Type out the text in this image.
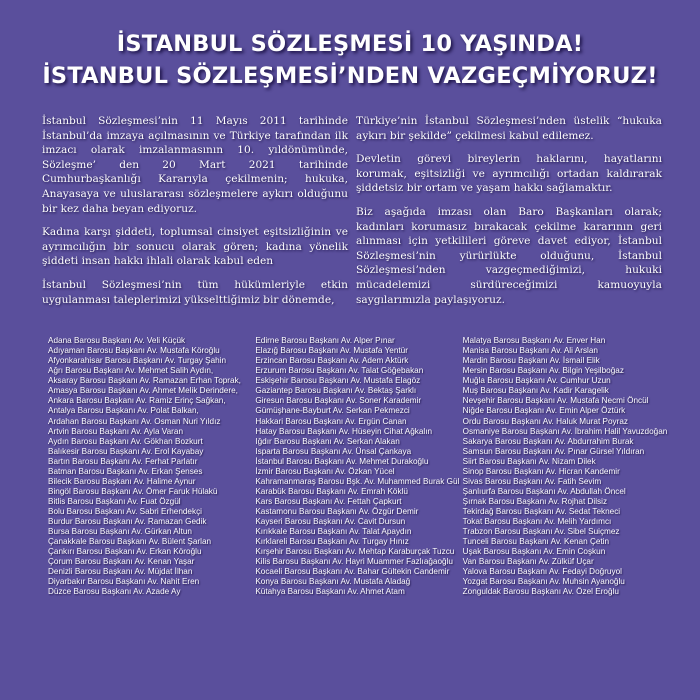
İSTANBUL SÖZLEŞMESİ 10 YAŞINDA!
İSTANBUL SÖZLEŞMESİ’NDEN VAZGEÇMİYORUZ!

İstanbul Sözleşmesi’nin 11 Mayıs 2011 tarihinde İstanbul’da imzaya açılmasının ve Türkiye tarafından ilk imzacı olarak imzalanmasının 10. yıldönümünde, Sözleşme’ den 20 Mart 2021 tarihinde Cumhurbaşkanlığı Kararıyla çekilmenin; hukuka, Anayasaya ve uluslararası sözleşmelere aykırı olduğunu bir kez daha beyan ediyoruz.

Kadına karşı şiddeti, toplumsal cinsiyet eşitsizliğinin ve ayrımcılığın bir sonucu olarak gören; kadına yönelik şiddeti insan hakkı ihlali olarak kabul eden

İstanbul Sözleşmesi’nin tüm hükümleriyle etkin uygulanması taleplerimizi yükselttiğimiz bir dönemde,

Türkiye’nin İstanbul Sözleşmesi’nden üstelik “hukuka aykırı bir şekilde” çekilmesi kabul edilemez.

Devletin görevi bireylerin haklarını, hayatlarını korumak, eşitsizliği ve ayrımcılığı ortadan kaldırarak şiddetsiz bir ortam ve yaşam hakkı sağlamaktır.

Biz aşağıda imzası olan Baro Başkanları olarak; kadınları korumasız bırakacak çekilme kararının geri alınması için yetkilileri göreve davet ediyor, İstanbul Sözleşmesi’nin yürürlükte olduğunu, İstanbul Sözleşmesi’nden vazgeçmediğimizi, hukuki mücadelemizi sürdüreceğimizi kamuoyuyla saygılarımızla paylaşıyoruz.

Adana Barosu Başkanı Av. Veli Küçük
Adıyaman Barosu Başkanı Av. Mustafa Köroğlu
Afyonkarahisar Barosu Başkanı Av. Turgay Şahin
Ağrı Barosu Başkanı Av. Mehmet Salih Aydın,
Aksaray Barosu Başkanı Av. Ramazan Erhan Toprak,
Amasya Barosu Başkanı Av. Ahmet Melik Derindere,
Ankara Barosu Başkanı Av. Ramiz Erinç Sağkan,
Antalya Barosu Başkanı Av. Polat Balkan,
Ardahan Barosu Başkanı Av. Osman Nuri Yıldız
Artvin Barosu Başkanı Av. Ayla Varan
Aydın Barosu Başkanı Av. Gökhan Bozkurt
Balıkesir Barosu Başkanı Av. Erol Kayabay
Bartın Barosu Başkanı Av. Ferhat Parlatır
Batman Barosu Başkanı Av. Erkan Şenses
Bilecik Barosu Başkanı Av. Halime Aynur
Bingöl Barosu Başkanı Av. Ömer Faruk Hülakü
Bitlis Barosu Başkanı Av. Fuat Özgül
Bolu Barosu Başkanı Av. Sabri Erhendekçi
Burdur Barosu Başkanı Av. Ramazan Gedik
Bursa Barosu Başkanı Av. Gürkan Altun
Çanakkale Barosu Başkanı Av. Bülent Şarlan
Çankırı Barosu Başkanı Av. Erkan Köroğlu
Çorum Barosu Başkanı Av. Kenan Yaşar
Denizli Barosu Başkanı Av. Müjdat İlhan
Diyarbakır Barosu Başkanı Av. Nahit Eren
Düzce Barosu Başkanı Av. Azade Ay
Edirne Barosu Başkanı Av. Alper Pınar
Elazığ Barosu Başkanı Av. Mustafa Yentür
Erzincan Barosu Başkanı Av. Adem Aktürk
Erzurum Barosu Başkanı Av. Talat Göğebakan
Eskişehir Barosu Başkanı Av. Mustafa Elagöz
Gaziantep Barosu Başkanı Av. Bektaş Şarklı
Giresun Barosu Başkanı Av. Soner Karademir
Gümüşhane-Bayburt Av. Serkan Pekmezci
Hakkari Barosu Başkanı Av. Ergün Canan
Hatay Barosu Başkanı Av. Hüseyin Cihat Ağkalın
Iğdır Barosu Başkanı Av. Serkan Alakan
Isparta Barosu Başkanı Av. Ünsal Çankaya
İstanbul Barosu Başkanı Av. Mehmet Durakoğlu
İzmir Barosu Başkanı Av. Özkan Yücel
Kahramanmaraş Barosu Bşk. Av. Muhammed Burak Gül
Karabük Barosu Başkanı Av. Emrah Köklü
Kars Barosu Başkanı Av. Fettah Çapkurt
Kastamonu Barosu Başkanı Av. Özgür Demir
Kayseri Barosu Başkanı Av. Cavit Dursun
Kırıkkale Barosu Başkanı Av. Talat Apaydın
Kırklareli Barosu Başkanı Av. Turgay Hınız
Kırşehir Barosu Başkanı Av. Mehtap Karaburçak Tuzcu
Kilis Barosu Başkanı Av. Hayri Muammer Fazlıağaoğlu
Kocaeli Barosu Başkanı Av. Bahar Gültekin Candemir
Konya Barosu Başkanı Av. Mustafa Aladağ
Kütahya Barosu Başkanı Av. Ahmet Atam
Malatya Barosu Başkanı Av. Enver Han
Manisa Barosu Başkanı Av. Ali Arslan
Mardin Barosu Başkanı Av. İsmail Elik
Mersin Barosu Başkanı Av. Bilgin Yeşilboğaz
Muğla Barosu Başkanı Av. Cumhur Uzun
Muş Barosu Başkanı Av. Kadir Karagelik
Nevşehir Barosu Başkanı Av. Mustafa Necmi Öncül
Niğde Barosu Başkanı Av. Emin Alper Öztürk
Ordu Barosu Başkanı Av. Haluk Murat Poyraz
Osmaniye Barosu Başkanı Av. İbrahim Halil Yavuzdoğan
Sakarya Barosu Başkanı Av. Abdurrahim Burak
Samsun Barosu Başkanı Av. Pınar Gürsel Yıldıran
Siirt Barosu Başkanı Av. Nizam Dilek
Sinop Barosu Başkanı Av. Hicran Kandemir
Sivas Barosu Başkanı Av. Fatih Sevim
Şanlıurfa Barosu Başkanı Av. Abdullah Öncel
Şırnak Barosu Başkanı Av. Rojhat Dilsiz
Tekirdağ Barosu Başkanı Av. Sedat Tekneci
Tokat Barosu Başkanı Av. Melih Yardımcı
Trabzon Barosu Başkanı Av. Sibel Suiçmez
Tunceli Barosu Başkanı Av. Kenan Çetin
Uşak Barosu Başkanı Av. Emin Coşkun
Van Barosu Başkanı Av. Zülküf Uçar
Yalova Barosu Başkanı Av. Fedayi Doğruyol
Yozgat Barosu Başkanı Av. Muhsin Ayanoğlu
Zonguldak Barosu Başkanı Av. Özel Eroğlu
